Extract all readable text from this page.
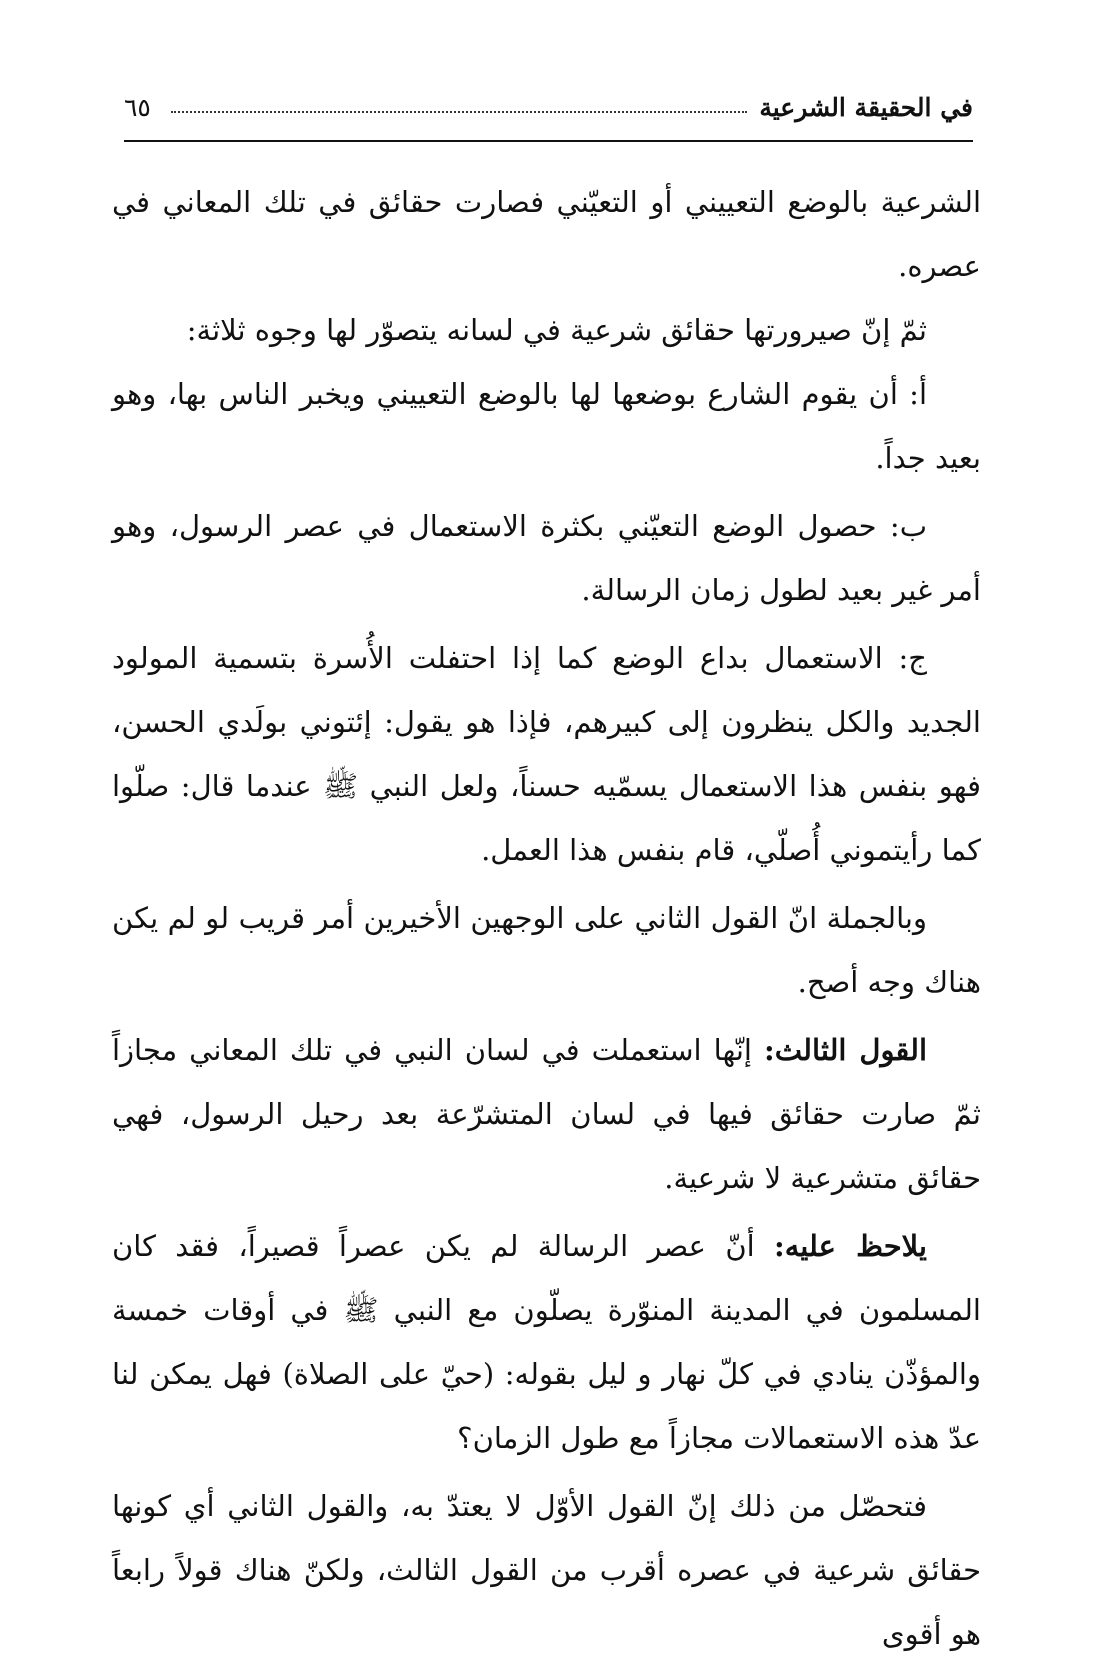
في الحقيقة الشرعية
٦٥

الشرعية بالوضع التعييني أو التعيّني فصارت حقائق في تلك المعاني في عصره.

ثمّ إنّ صيرورتها حقائق شرعية في لسانه يتصوّر لها وجوه ثلاثة:

أ: أن يقوم الشارع بوضعها لها بالوضع التعييني ويخبر الناس بها، وهو بعيد جداً.

ب: حصول الوضع التعيّني بكثرة الاستعمال في عصر الرسول، وهو أمر غير بعيد لطول زمان الرسالة.

ج: الاستعمال بداع الوضع كما إذا احتفلت الأُسرة بتسمية المولود الجديد والكل ينظرون إلى كبيرهم، فإذا هو يقول: إئتوني بولَدي الحسن، فهو بنفس هذا الاستعمال يسمّيه حسناً، ولعل النبي ﷺ عندما قال: صلّوا كما رأيتموني أُصلّي، قام بنفس هذا العمل.

وبالجملة انّ القول الثاني على الوجهين الأخيرين أمر قريب لو لم يكن هناك وجه أصح.

القول الثالث: إنّها استعملت في لسان النبي في تلك المعاني مجازاً ثمّ صارت حقائق فيها في لسان المتشرّعة بعد رحيل الرسول، فهي حقائق متشرعية لا شرعية.

يلاحظ عليه: أنّ عصر الرسالة لم يكن عصراً قصيراً، فقد كان المسلمون في المدينة المنوّرة يصلّون مع النبي ﷺ في أوقات خمسة والمؤذّن ينادي في كلّ نهار و ليل بقوله: (حيّ على الصلاة) فهل يمكن لنا عدّ هذه الاستعمالات مجازاً مع طول الزمان؟

فتحصّل من ذلك إنّ القول الأوّل لا يعتدّ به، والقول الثاني أي كونها حقائق شرعية في عصره أقرب من القول الثالث، ولكنّ هناك قولاً رابعاً هو أقوى
